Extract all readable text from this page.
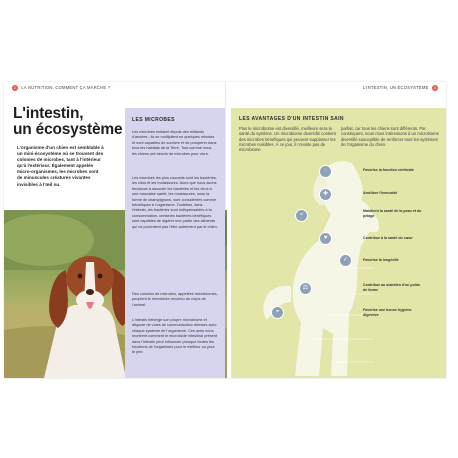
2 LA NUTRITION, COMMENT ÇA MARCHE ?	L'INTESTIN, UN ÉCOSYSTÈME 3
L'intestin,
un écosystème
L'organisme d'un chien est semblable à un mini-écosystème où se trouvent des colonies de microbes, tant à l'intérieur qu'à l'extérieur. Également appelés micro-organismes, les microbes sont de minuscules créatures vivantes invisibles à l'œil nu.
LES MICROBES
Les microbes existent depuis des milliards d'années ; ils se multiplient en quelques minutes et sont capables de survivre et de prospérer dans tous les habitats de la Terre. Tout comme nous, les chiens ont besoin de microbes pour vivre.
Les microbes les plus courants sont les bactéries, les virus et les moisissures. Alors que nous avons tendance à associer les bactéries et les virus à une mauvaise santé, les moisissures, sous la forme de champignons, sont considérées comme bénéfiques à l'organisme. Toutefois, dans l'intestin, les bactéries sont indispensables à la consommation, certaines bactéries bénéfiques sont capables de digérer une partie des aliments qui ne pourraient pas l'être autrement par le chien.
Des colonies de microbes, appelées microbiomes, peuplent le microbiote reconnu du corps de l'animal.
L'intestin héberge son propre microbiome et dispose de voies de communication directes avec chaque système de l'organisme. Ces axes nous montrent comment le microbiote intestinal présent dans l'intestin peut influencer presque toutes les fonctions de l'organisme pour le meilleur ou pour le pire.
LES AVANTAGES D'UN INTESTIN SAIN
Plus le microbiome est diversifié, meilleure sera la santé du système. Un microbiome diversifié contient des microbes bénéfiques qui peuvent supplanter les microbes nuisibles. À ce jour, il n'existe pas de microbiome
parfait, car tous les chiens sont différents. Par conséquent, nous nous intéressons à un microbiome diversifié susceptible de renforcer tous les systèmes de l'organisme du chien.
◌	Favorise la fonction cérébrale
✚	Améliore l'immunité
≈
Maintient la santé de la peau et du pelage
♥	Contribue à la santé du cœur
✓	Favorise la longévité
⚖	Contribue au maintien d'un poids de forme
◓	Favorise une bonne hygiène digestive
